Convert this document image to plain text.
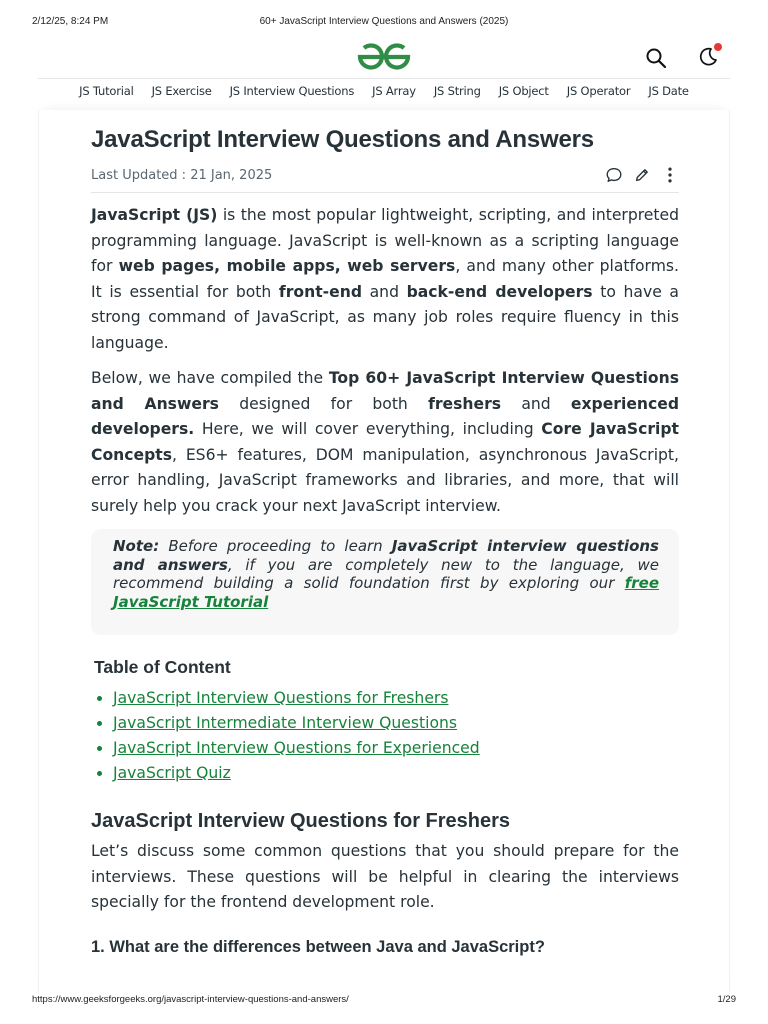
2/12/25, 8:24 PM	60+ JavaScript Interview Questions and Answers (2025)
JS Tutorial JS Exercise JS Interview Questions JS Array JS String JS Object JS Operator JS Date
JavaScript Interview Questions and Answers
Last Updated : 21 Jan, 2025

JavaScript (JS) is the most popular lightweight, scripting, and interpreted programming language. JavaScript is well-known as a scripting language for web pages, mobile apps, web servers, and many other platforms. It is essential for both front-end and back-end developers to have a strong command of JavaScript, as many job roles require fluency in this language.

Below, we have compiled the Top 60+ JavaScript Interview Questions and Answers designed for both freshers and experienced developers. Here, we will cover everything, including Core JavaScript Concepts, ES6+ features, DOM manipulation, asynchronous JavaScript, error handling, JavaScript frameworks and libraries, and more, that will surely help you crack your next JavaScript interview.

Note: Before proceeding to learn JavaScript interview questions and answers, if you are completely new to the language, we recommend building a solid foundation first by exploring our free JavaScript Tutorial
Table of Content
• JavaScript Interview Questions for Freshers
• JavaScript Intermediate Interview Questions
• JavaScript Interview Questions for Experienced
• JavaScript Quiz
JavaScript Interview Questions for Freshers

Let’s discuss some common questions that you should prepare for the interviews. These questions will be helpful in clearing the interviews specially for the frontend development role.

1. What are the differences between Java and JavaScript?
https://www.geeksforgeeks.org/javascript-interview-questions-and-answers/	1/29
